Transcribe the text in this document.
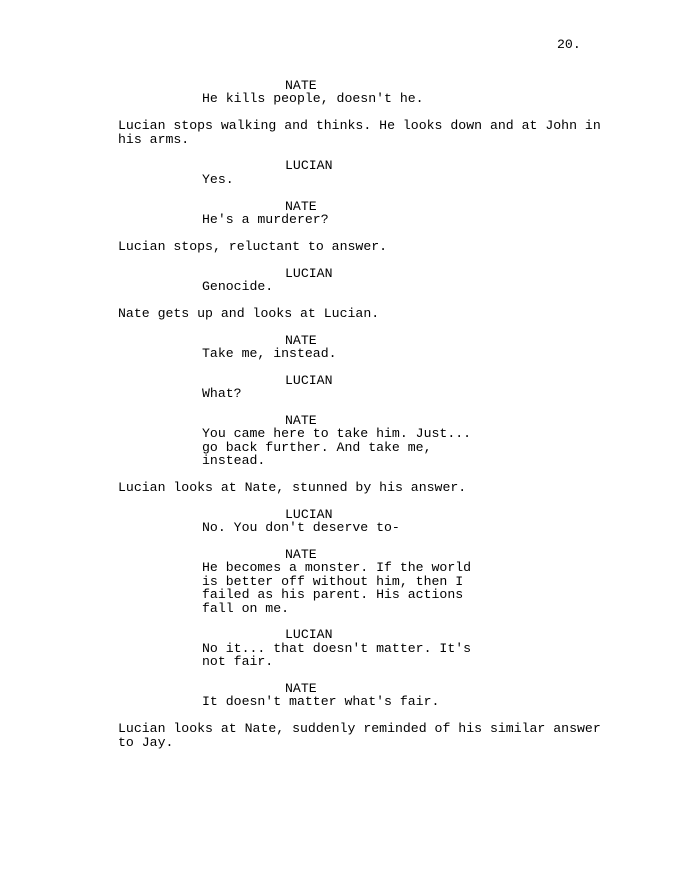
20.
NATE
He kills people, doesn't he.
Lucian stops walking and thinks. He looks down and at John in
his arms.
LUCIAN
Yes.
NATE
He's a murderer?
Lucian stops, reluctant to answer.
LUCIAN
Genocide.
Nate gets up and looks at Lucian.
NATE
Take me, instead.
LUCIAN
What?
NATE
You came here to take him. Just...
go back further. And take me,
instead.
Lucian looks at Nate, stunned by his answer.
LUCIAN
No. You don't deserve to-
NATE
He becomes a monster. If the world
is better off without him, then I
failed as his parent. His actions
fall on me.
LUCIAN
No it... that doesn't matter. It's
not fair.
NATE
It doesn't matter what's fair.
Lucian looks at Nate, suddenly reminded of his similar answer
to Jay.
